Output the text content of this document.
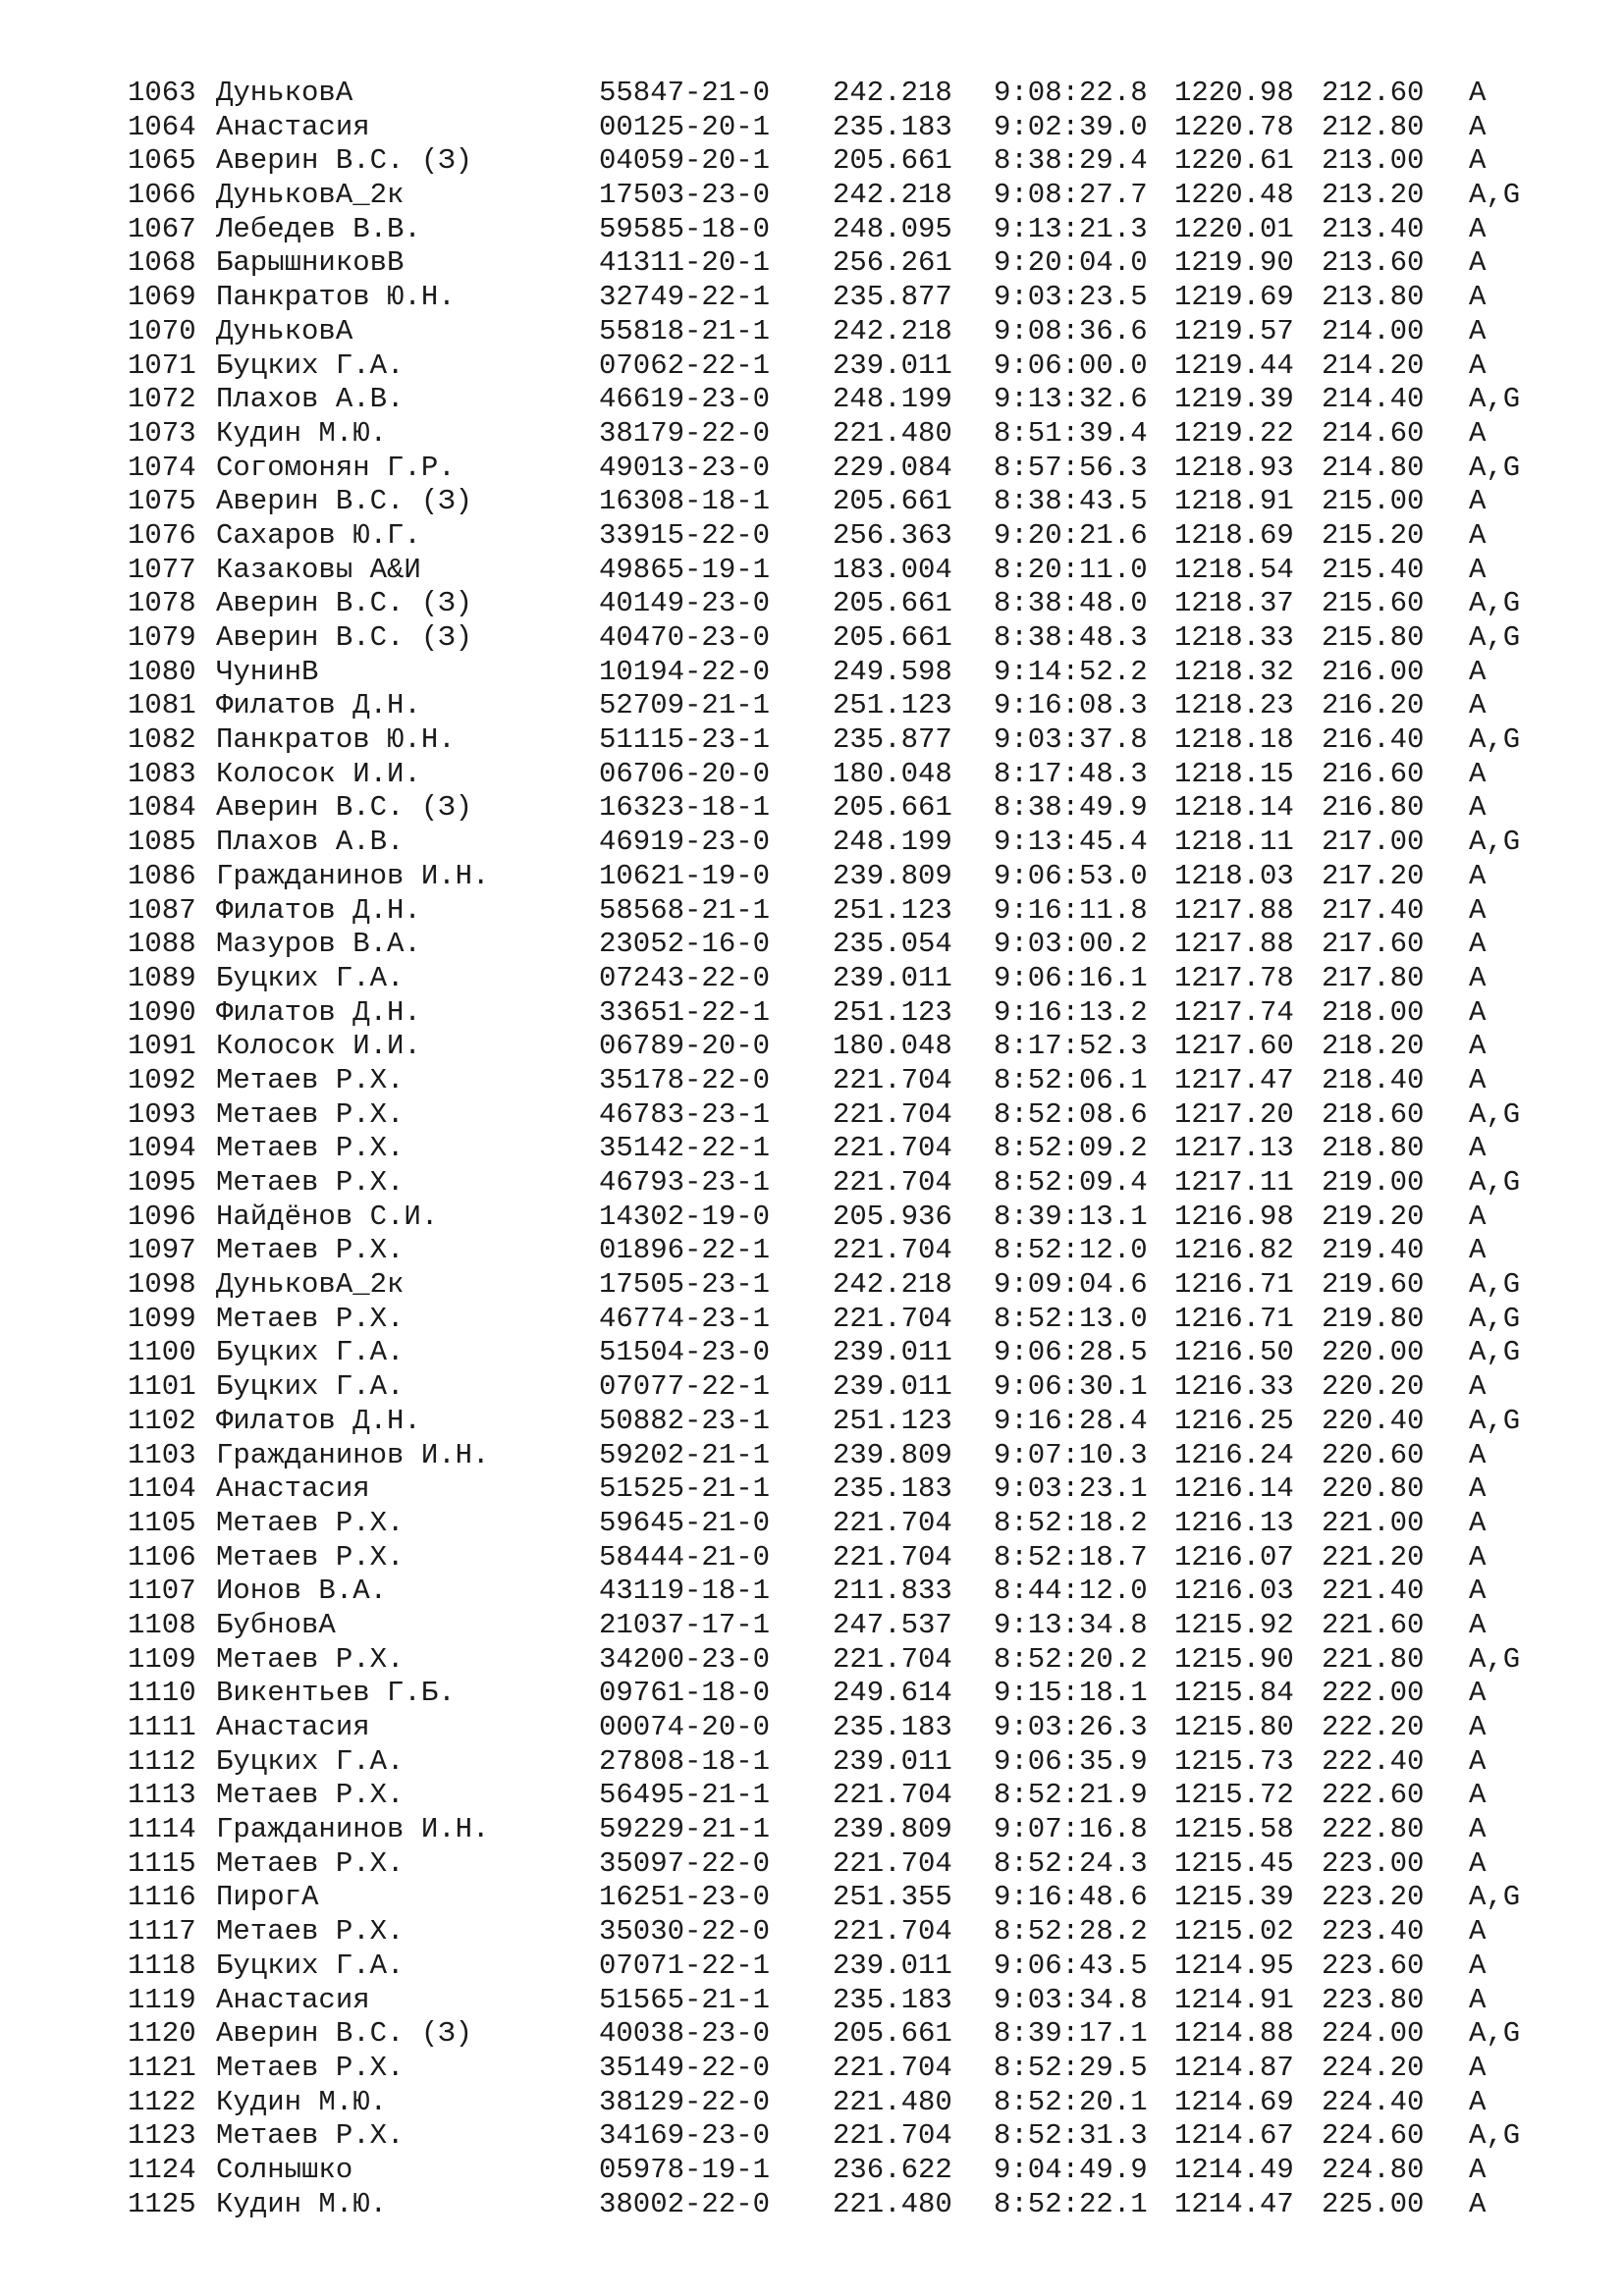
1063 ДуньковА	55847-21-0 242.218 9:08:22.8 1220.98 212.60 A
1064 Анастасия	00125-20-1 235.183 9:02:39.0 1220.78 212.80 A
1065 Аверин В.С. (З)	04059-20-1 205.661 8:38:29.4 1220.61 213.00 A
1066 ДуньковА_2к	17503-23-0 242.218 9:08:27.7 1220.48 213.20 A,G
1067 Лебедев В.В.	59585-18-0 248.095 9:13:21.3 1220.01 213.40 A
1068 БарышниковВ	41311-20-1 256.261 9:20:04.0 1219.90 213.60 A
1069 Панкратов Ю.Н.	32749-22-1 235.877 9:03:23.5 1219.69 213.80 A
1070 ДуньковА	55818-21-1 242.218 9:08:36.6 1219.57 214.00 A
1071 Буцких Г.А.	07062-22-1 239.011 9:06:00.0 1219.44 214.20 A
1072 Плахов А.В.	46619-23-0 248.199 9:13:32.6 1219.39 214.40 A,G
1073 Кудин М.Ю.	38179-22-0 221.480 8:51:39.4 1219.22 214.60 A
1074 Согомонян Г.Р.	49013-23-0 229.084 8:57:56.3 1218.93 214.80 A,G
1075 Аверин В.С. (З)	16308-18-1 205.661 8:38:43.5 1218.91 215.00 A
1076 Сахаров Ю.Г.	33915-22-0 256.363 9:20:21.6 1218.69 215.20 A
1077 Казаковы А&И	49865-19-1 183.004 8:20:11.0 1218.54 215.40 A
1078 Аверин В.С. (З)	40149-23-0 205.661 8:38:48.0 1218.37 215.60 A,G
1079 Аверин В.С. (З)	40470-23-0 205.661 8:38:48.3 1218.33 215.80 A,G
1080 ЧунинВ	10194-22-0 249.598 9:14:52.2 1218.32 216.00 A
1081 Филатов Д.Н.	52709-21-1 251.123 9:16:08.3 1218.23 216.20 A
1082 Панкратов Ю.Н.	51115-23-1 235.877 9:03:37.8 1218.18 216.40 A,G
1083 Колосок И.И.	06706-20-0 180.048 8:17:48.3 1218.15 216.60 A
1084 Аверин В.С. (З)	16323-18-1 205.661 8:38:49.9 1218.14 216.80 A
1085 Плахов А.В.	46919-23-0 248.199 9:13:45.4 1218.11 217.00 A,G
1086 Гражданинов И.Н.	10621-19-0 239.809 9:06:53.0 1218.03 217.20 A
1087 Филатов Д.Н.	58568-21-1 251.123 9:16:11.8 1217.88 217.40 A
1088 Мазуров В.А.	23052-16-0 235.054 9:03:00.2 1217.88 217.60 A
1089 Буцких Г.А.	07243-22-0 239.011 9:06:16.1 1217.78 217.80 A
1090 Филатов Д.Н.	33651-22-1 251.123 9:16:13.2 1217.74 218.00 A
1091 Колосок И.И.	06789-20-0 180.048 8:17:52.3 1217.60 218.20 A
1092 Метаев Р.Х.	35178-22-0 221.704 8:52:06.1 1217.47 218.40 A
1093 Метаев Р.Х.	46783-23-1 221.704 8:52:08.6 1217.20 218.60 A,G
1094 Метаев Р.Х.	35142-22-1 221.704 8:52:09.2 1217.13 218.80 A
1095 Метаев Р.Х.	46793-23-1 221.704 8:52:09.4 1217.11 219.00 A,G
1096 Найдёнов С.И.	14302-19-0 205.936 8:39:13.1 1216.98 219.20 A
1097 Метаев Р.Х.	01896-22-1 221.704 8:52:12.0 1216.82 219.40 A
1098 ДуньковА_2к	17505-23-1 242.218 9:09:04.6 1216.71 219.60 A,G
1099 Метаев Р.Х.	46774-23-1 221.704 8:52:13.0 1216.71 219.80 A,G
1100 Буцких Г.А.	51504-23-0 239.011 9:06:28.5 1216.50 220.00 A,G
1101 Буцких Г.А.	07077-22-1 239.011 9:06:30.1 1216.33 220.20 A
1102 Филатов Д.Н.	50882-23-1 251.123 9:16:28.4 1216.25 220.40 A,G
1103 Гражданинов И.Н.	59202-21-1 239.809 9:07:10.3 1216.24 220.60 A
1104 Анастасия	51525-21-1 235.183 9:03:23.1 1216.14 220.80 A
1105 Метаев Р.Х.	59645-21-0 221.704 8:52:18.2 1216.13 221.00 A
1106 Метаев Р.Х.	58444-21-0 221.704 8:52:18.7 1216.07 221.20 A
1107 Ионов В.А.	43119-18-1 211.833 8:44:12.0 1216.03 221.40 A
1108 БубновА	21037-17-1 247.537 9:13:34.8 1215.92 221.60 A
1109 Метаев Р.Х.	34200-23-0 221.704 8:52:20.2 1215.90 221.80 A,G
1110 Викентьев Г.Б.	09761-18-0 249.614 9:15:18.1 1215.84 222.00 A
1111 Анастасия	00074-20-0 235.183 9:03:26.3 1215.80 222.20 A
1112 Буцких Г.А.	27808-18-1 239.011 9:06:35.9 1215.73 222.40 A
1113 Метаев Р.Х.	56495-21-1 221.704 8:52:21.9 1215.72 222.60 A
1114 Гражданинов И.Н.	59229-21-1 239.809 9:07:16.8 1215.58 222.80 A
1115 Метаев Р.Х.	35097-22-0 221.704 8:52:24.3 1215.45 223.00 A
1116 ПирогА	16251-23-0 251.355 9:16:48.6 1215.39 223.20 A,G
1117 Метаев Р.Х.	35030-22-0 221.704 8:52:28.2 1215.02 223.40 A
1118 Буцких Г.А.	07071-22-1 239.011 9:06:43.5 1214.95 223.60 A
1119 Анастасия	51565-21-1 235.183 9:03:34.8 1214.91 223.80 A
1120 Аверин В.С. (З)	40038-23-0 205.661 8:39:17.1 1214.88 224.00 A,G
1121 Метаев Р.Х.	35149-22-0 221.704 8:52:29.5 1214.87 224.20 A
1122 Кудин М.Ю.	38129-22-0 221.480 8:52:20.1 1214.69 224.40 A
1123 Метаев Р.Х.	34169-23-0 221.704 8:52:31.3 1214.67 224.60 A,G
1124 Солнышко	05978-19-1 236.622 9:04:49.9 1214.49 224.80 A
1125 Кудин М.Ю.	38002-22-0 221.480 8:52:22.1 1214.47 225.00 A
